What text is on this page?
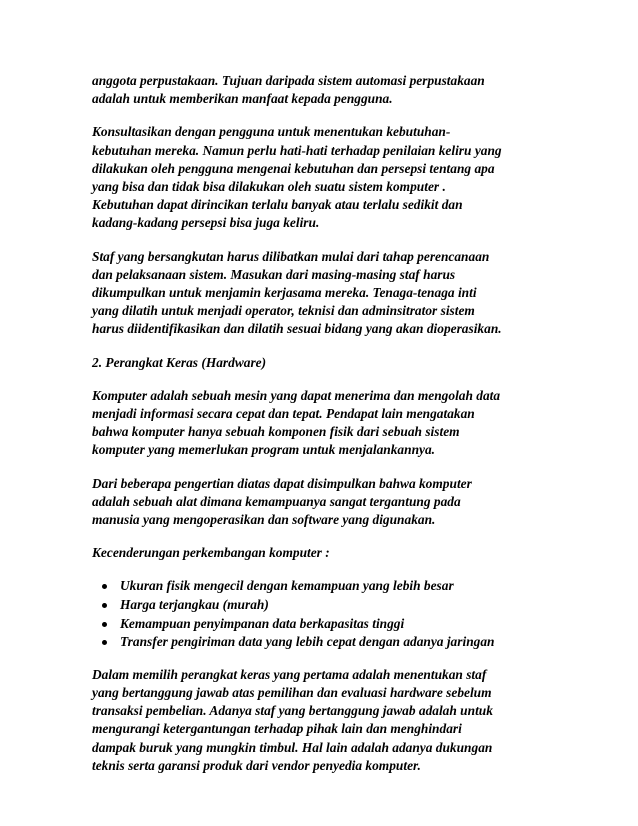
anggota perpustakaan. Tujuan daripada sistem automasi perpustakaan
adalah untuk memberikan manfaat kepada pengguna.

Konsultasikan dengan pengguna untuk menentukan kebutuhan-
kebutuhan mereka. Namun perlu hati-hati terhadap penilaian keliru yang
dilakukan oleh pengguna mengenai kebutuhan dan persepsi tentang apa
yang bisa dan tidak bisa dilakukan oleh suatu sistem komputer .
Kebutuhan dapat dirincikan terlalu banyak atau terlalu sedikit dan
kadang-kadang persepsi bisa juga keliru.

Staf yang bersangkutan harus dilibatkan mulai dari tahap perencanaan
dan pelaksanaan sistem. Masukan dari masing-masing staf harus
dikumpulkan untuk menjamin kerjasama mereka. Tenaga-tenaga inti
yang dilatih untuk menjadi operator, teknisi dan adminsitrator sistem
harus diidentifikasikan dan dilatih sesuai bidang yang akan dioperasikan.

2. Perangkat Keras (Hardware)

Komputer adalah sebuah mesin yang dapat menerima dan mengolah data
menjadi informasi secara cepat dan tepat. Pendapat lain mengatakan
bahwa komputer hanya sebuah komponen fisik dari sebuah sistem
komputer yang memerlukan program untuk menjalankannya.

Dari beberapa pengertian diatas dapat disimpulkan bahwa komputer
adalah sebuah alat dimana kemampuanya sangat tergantung pada
manusia yang mengoperasikan dan software yang digunakan.

Kecenderungan perkembangan komputer :

Ukuran fisik mengecil dengan kemampuan yang lebih besar
Harga terjangkau (murah)
Kemampuan penyimpanan data berkapasitas tinggi
Transfer pengiriman data yang lebih cepat dengan adanya jaringan

Dalam memilih perangkat keras yang pertama adalah menentukan staf
yang bertanggung jawab atas pemilihan dan evaluasi hardware sebelum
transaksi pembelian. Adanya staf yang bertanggung jawab adalah untuk
mengurangi ketergantungan terhadap pihak lain dan menghindari
dampak buruk yang mungkin timbul. Hal lain adalah adanya dukungan
teknis serta garansi produk dari vendor penyedia komputer.
